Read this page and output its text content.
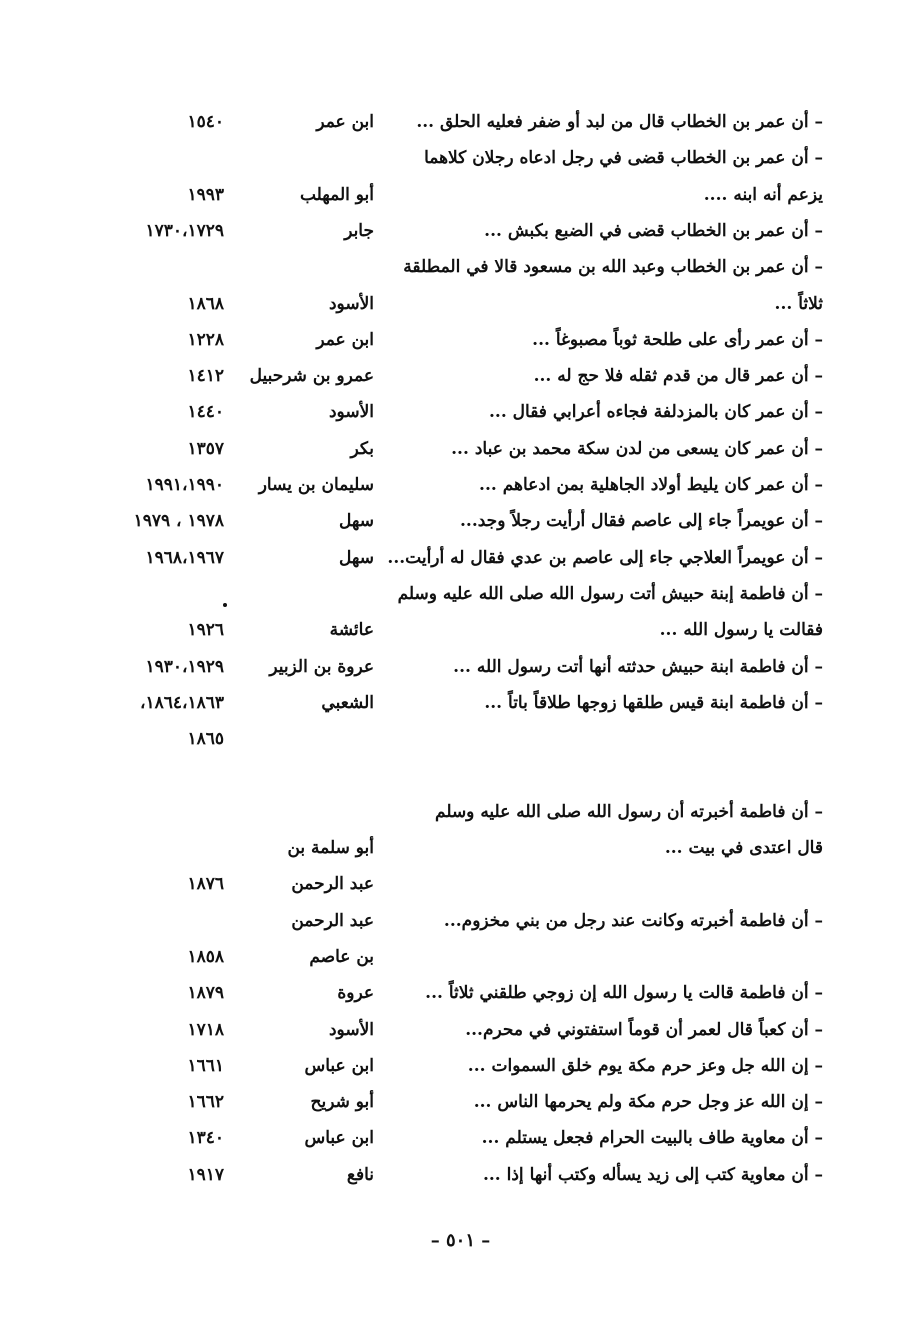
– أن عمر بن الخطاب قال من لبد أو ضفر فعليه الحلق ...
ابن عمر
١٥٤٠
– أن عمر بن الخطاب قضى في رجل ادعاه رجلان كلاهما
يزعم أنه ابنه ....
أبو المهلب
١٩٩٣
– أن عمر بن الخطاب قضى في الضبع بكبش ...
جابر
١٧٣٠،١٧٢٩
– أن عمر بن الخطاب وعبد الله بن مسعود قالا في المطلقة
ثلاثاً ...
الأسود
١٨٦٨
– أن عمر رأى على طلحة ثوباً مصبوغاً ...
ابن عمر
١٢٢٨
– أن عمر قال من قدم ثقله فلا حج له ...
عمرو بن شرحبيل
١٤١٢
– أن عمر كان بالمزدلفة فجاءه أعرابي فقال ...
الأسود
١٤٤٠
– أن عمر كان يسعى من لدن سكة محمد بن عباد ...
بكر
١٣٥٧
– أن عمر كان يليط أولاد الجاهلية بمن ادعاهم ...
سليمان بن يسار
١٩٩١،١٩٩٠
– أن عويمراً جاء إلى عاصم فقال أرأيت رجلاً وجد...
سهل
١٩٧٨ ، ١٩٧٩
– أن عويمراً العلاجي جاء إلى عاصم بن عدي فقال له أرأيت...
سهل
١٩٦٨،١٩٦٧
– أن فاطمة إبنة حبيش أتت رسول الله صلى الله عليه وسلم
فقالت يا رسول الله ...
عائشة
١٩٢٦
– أن فاطمة ابنة حبيش حدثته أنها أتت رسول الله ...
عروة بن الزبير
١٩٣٠،١٩٢٩
– أن فاطمة ابنة قيس طلقها زوجها طلاقاً باتاً ...
الشعبي
١٨٦٤،١٨٦٣،
١٨٦٥
– أن فاطمة أخبرته أن رسول الله صلى الله عليه وسلم
قال اعتدى في بيت ...
أبو سلمة بن
عبد الرحمن
١٨٧٦
– أن فاطمة أخبرته وكانت عند رجل من بني مخزوم...
عبد الرحمن
بن عاصم
١٨٥٨
– أن فاطمة قالت يا رسول الله إن زوجي طلقني ثلاثاً ...
عروة
١٨٧٩
– أن كعباً قال لعمر أن قوماً استفتوني في محرم...
الأسود
١٧١٨
– إن الله جل وعز حرم مكة يوم خلق السموات ...
ابن عباس
١٦٦١
– إن الله عز وجل حرم مكة ولم يحرمها الناس ...
أبو شريح
١٦٦٢
– أن معاوية طاف بالبيت الحرام فجعل يستلم ...
ابن عباس
١٣٤٠
– أن معاوية كتب إلى زيد يسأله وكتب أنها إذا ...
نافع
١٩١٧
– ٥٠١ –
